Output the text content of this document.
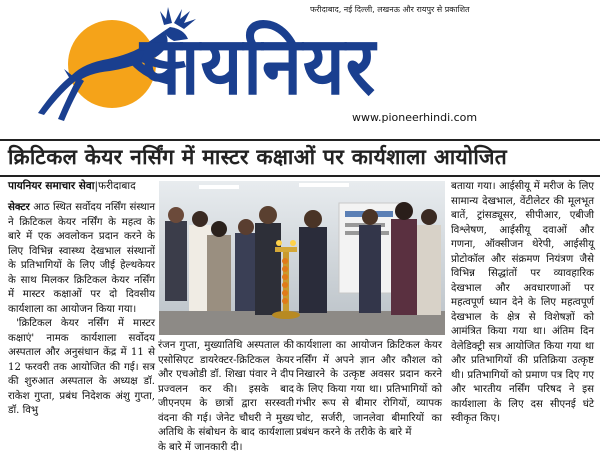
फरीदाबाद, नई दिल्ली, लखनऊ और रायपुर से प्रकाशित
पायनियर
www.pioneerhindi.com
क्रिटिकल केयर नर्सिंग में मास्टर कक्षाओं पर कार्यशाला आयोजित
पायनियर समाचार सेवा|फरीदाबाद

सेक्टर आठ स्थित सर्वोदय नर्सिंग संस्थान ने क्रिटिकल केयर नर्सिंग के महत्व के बारे में एक अवलोकन प्रदान करने के लिए विभिन्न स्वास्थ्य देखभाल संस्थानों के प्रतिभागियों के लिए जीई हेल्थकेयर के साथ मिलकर क्रिटिकल केयर नर्सिंग में मास्टर कक्षाओं पर दो दिवसीय कार्यशाला का आयोजन किया गया।

'क्रिटिकल केयर नर्सिंग में मास्टर कक्षाएं' नामक कार्यशाला सर्वोदय अस्पताल और अनुसंधान केंद्र में 11 से 12 फरवरी तक आयोजित की गई। सत्र की शुरुआत अस्पताल के अध्यक्ष डॉ. राकेश गुप्ता, प्रबंध निदेशक अंशु गुप्ता, डॉ. विभु

रंजन गुप्ता, मुख्यातिथि अस्पताल की एसोसिएट डायरेक्टर-क्रिटिकल केयर और एचओडी डॉ. शिखा पंवार ने दीप प्रज्वलन कर की। इसके बाद जीएनएम के छात्रों द्वारा सरस्वती वंदना की गई। जेनेट चौधरी ने मुख्य अतिथि के संबोधन के बाद कार्यशाला के बारे में जानकारी दी।
कार्यशाला का आयोजन क्रिटिकल केयर नर्सिंग में अपने ज्ञान और कौशल को निखारने के उत्कृष्ट अवसर प्रदान करने के लिए किया गया था। प्रतिभागियों को गंभीर रूप से बीमार रोगियों, व्यापक चोट, सर्जरी, जानलेवा बीमारियों का प्रबंधन करने के तरीके के बारे में
बताया गया। आईसीयू में मरीज के लिए सामान्य देखभाल, वेंटीलेटर की मूलभूत बातें, ट्रांसड्यूसर, सीपीआर, एबीजी विश्लेषण, आईसीयू दवाओं और गणना, ऑक्सीजन थेरेपी, आईसीयू प्रोटोकॉल और संक्रमण नियंत्रण जैसे विभिन्न सिद्धांतों पर व्यावहारिक देखभाल और अवधारणाओं पर महत्वपूर्ण ध्यान देने के लिए महत्वपूर्ण देखभाल के क्षेत्र से विशेषज्ञों को आमंत्रित किया गया था। अंतिम दिन वेलेडिक्ट्री सत्र आयोजित किया गया था और प्रतिभागियों की प्रतिक्रिया उत्कृष्ट थी। प्रतिभागियों को प्रमाण पत्र दिए गए और भारतीय नर्सिंग परिषद ने इस कार्यशाला के लिए दस सीएनई घंटे स्वीकृत किए।
